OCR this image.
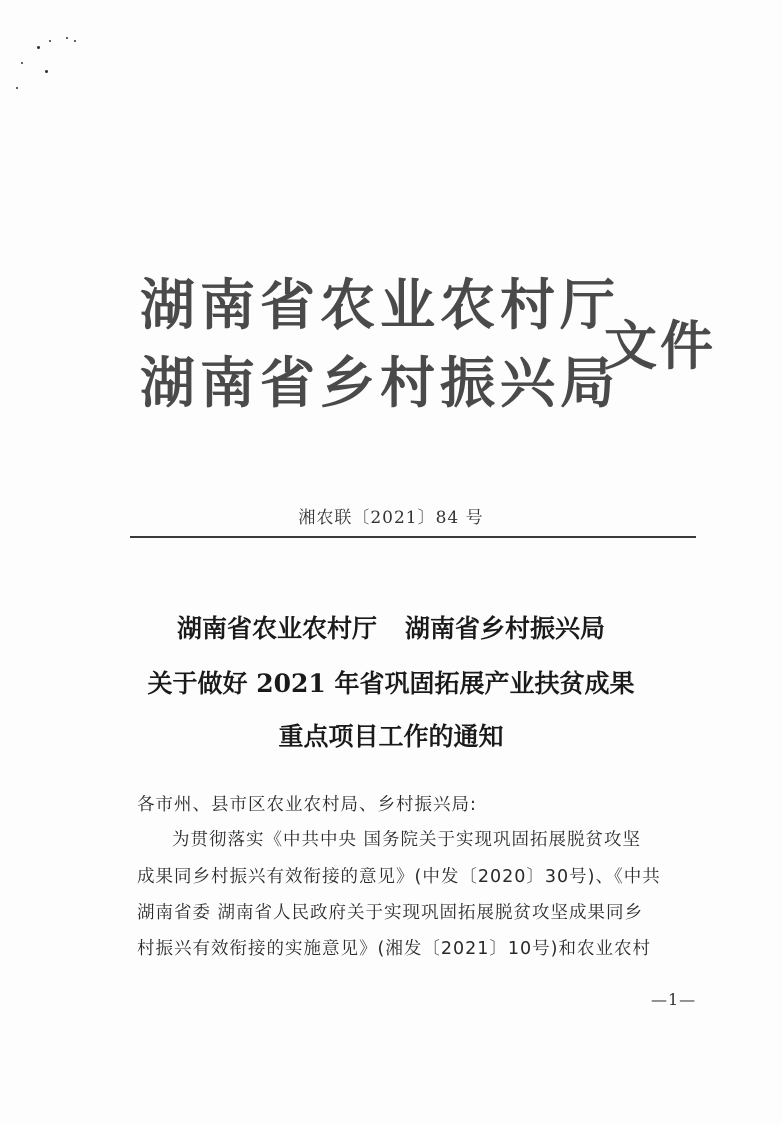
湖南省农业农村厅
湖南省乡村振兴局
文件
湘农联〔2021〕84 号
湖南省农业农村厅 湖南省乡村振兴局
关于做好 2021 年省巩固拓展产业扶贫成果
重点项目工作的通知
各市州、县市区农业农村局、乡村振兴局:
为贯彻落实《中共中央 国务院关于实现巩固拓展脱贫攻坚
成果同乡村振兴有效衔接的意见》(中发〔2020〕30号)、《中共
湖南省委 湖南省人民政府关于实现巩固拓展脱贫攻坚成果同乡
村振兴有效衔接的实施意见》(湘发〔2021〕10号)和农业农村
—1—
